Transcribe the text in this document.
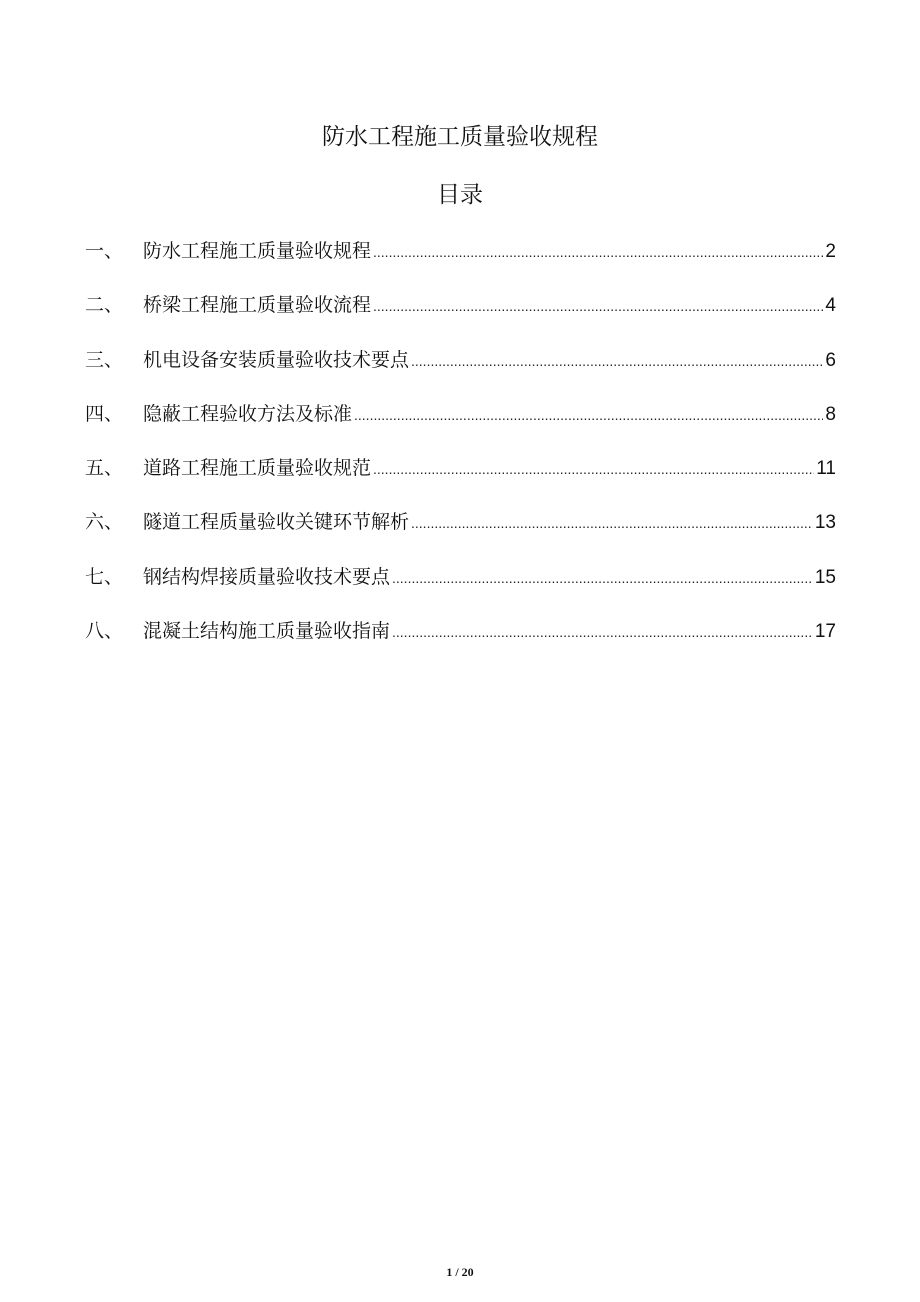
防水工程施工质量验收规程
目录
一、	防水工程施工质量验收规程 .....	2
二、	桥梁工程施工质量验收流程 .....	4
三、	机电设备安装质量验收技术要点 .....	6
四、	隐蔽工程验收方法及标准 .....	8
五、	道路工程施工质量验收规范 .....	11
六、	隧道工程质量验收关键环节解析 .....	13
七、	钢结构焊接质量验收技术要点 .....	15
八、	混凝土结构施工质量验收指南 .....	17
1 / 20
